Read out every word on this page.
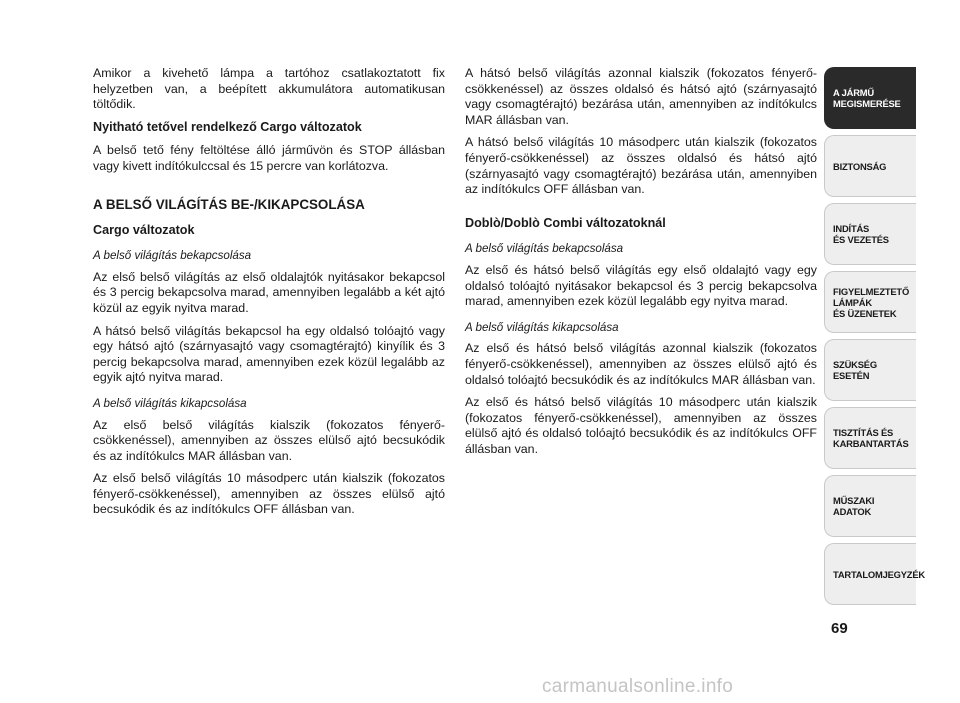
Amikor a kivehető lámpa a tartóhoz csatlakoztatott fix helyzetben van, a beépített akkumulátora automatikusan töltődik.

Nyitható tetővel rendelkező Cargo változatok

A belső tető fény feltöltése álló járművön és STOP állásban vagy kivett indítókulccsal és 15 percre van korlátozva.

A BELSŐ VILÁGÍTÁS BE-/KIKAPCSOLÁSA
Cargo változatok

A belső világítás bekapcsolása

Az első belső világítás az első oldalajtók nyitásakor bekapcsol és 3 percig bekapcsolva marad, amennyiben legalább a két ajtó közül az egyik nyitva marad.

A hátsó belső világítás bekapcsol ha egy oldalsó tolóajtó vagy egy hátsó ajtó (szárnyasajtó vagy csomagtérajtó) kinyílik és 3 percig bekapcsolva marad, amennyiben ezek közül legalább az egyik ajtó nyitva marad.

A belső világítás kikapcsolása

Az első belső világítás kialszik (fokozatos fényerő-csökkenéssel), amennyiben az összes elülső ajtó becsukódik és az indítókulcs MAR állásban van.

Az első belső világítás 10 másodperc után kialszik (fokozatos fényerő-csökkenéssel), amennyiben az összes elülső ajtó becsukódik és az indítókulcs OFF állásban van.

A hátsó belső világítás azonnal kialszik (fokozatos fényerő-csökkenéssel) az összes oldalsó és hátsó ajtó (szárnyasajtó vagy csomagtérajtó) bezárása után, amennyiben az indítókulcs MAR állásban van.

A hátsó belső világítás 10 másodperc után kialszik (fokozatos fényerő-csökkenéssel) az összes oldalsó és hátsó ajtó (szárnyasajtó vagy csomagtérajtó) bezárása után, amennyiben az indítókulcs OFF állásban van.

Doblò/Doblò Combi változatoknál

A belső világítás bekapcsolása

Az első és hátsó belső világítás egy első oldalajtó vagy egy oldalsó tolóajtó nyitásakor bekapcsol és 3 percig bekapcsolva marad, amennyiben ezek közül legalább egy nyitva marad.

A belső világítás kikapcsolása

Az első és hátsó belső világítás azonnal kialszik (fokozatos fényerő-csökkenéssel), amennyiben az összes elülső ajtó és oldalsó tolóajtó becsukódik és az indítókulcs MAR állásban van.

Az első és hátsó belső világítás 10 másodperc után kialszik (fokozatos fényerő-csökkenéssel), amennyiben az összes elülső ajtó és oldalsó tolóajtó becsukódik és az indítókulcs OFF állásban van.

A JÁRMŰ
MEGISMERÉSE
BIZTONSÁG
INDÍTÁS
ÉS VEZETÉS
FIGYELMEZTETŐ
LÁMPÁK
ÉS ÜZENETEK
SZÜKSÉG
ESETÉN
TISZTÍTÁS ÉS
KARBANTARTÁS
MŰSZAKI
ADATOK
TARTALOMJEGYZÉK
69
carmanualsonline.info
